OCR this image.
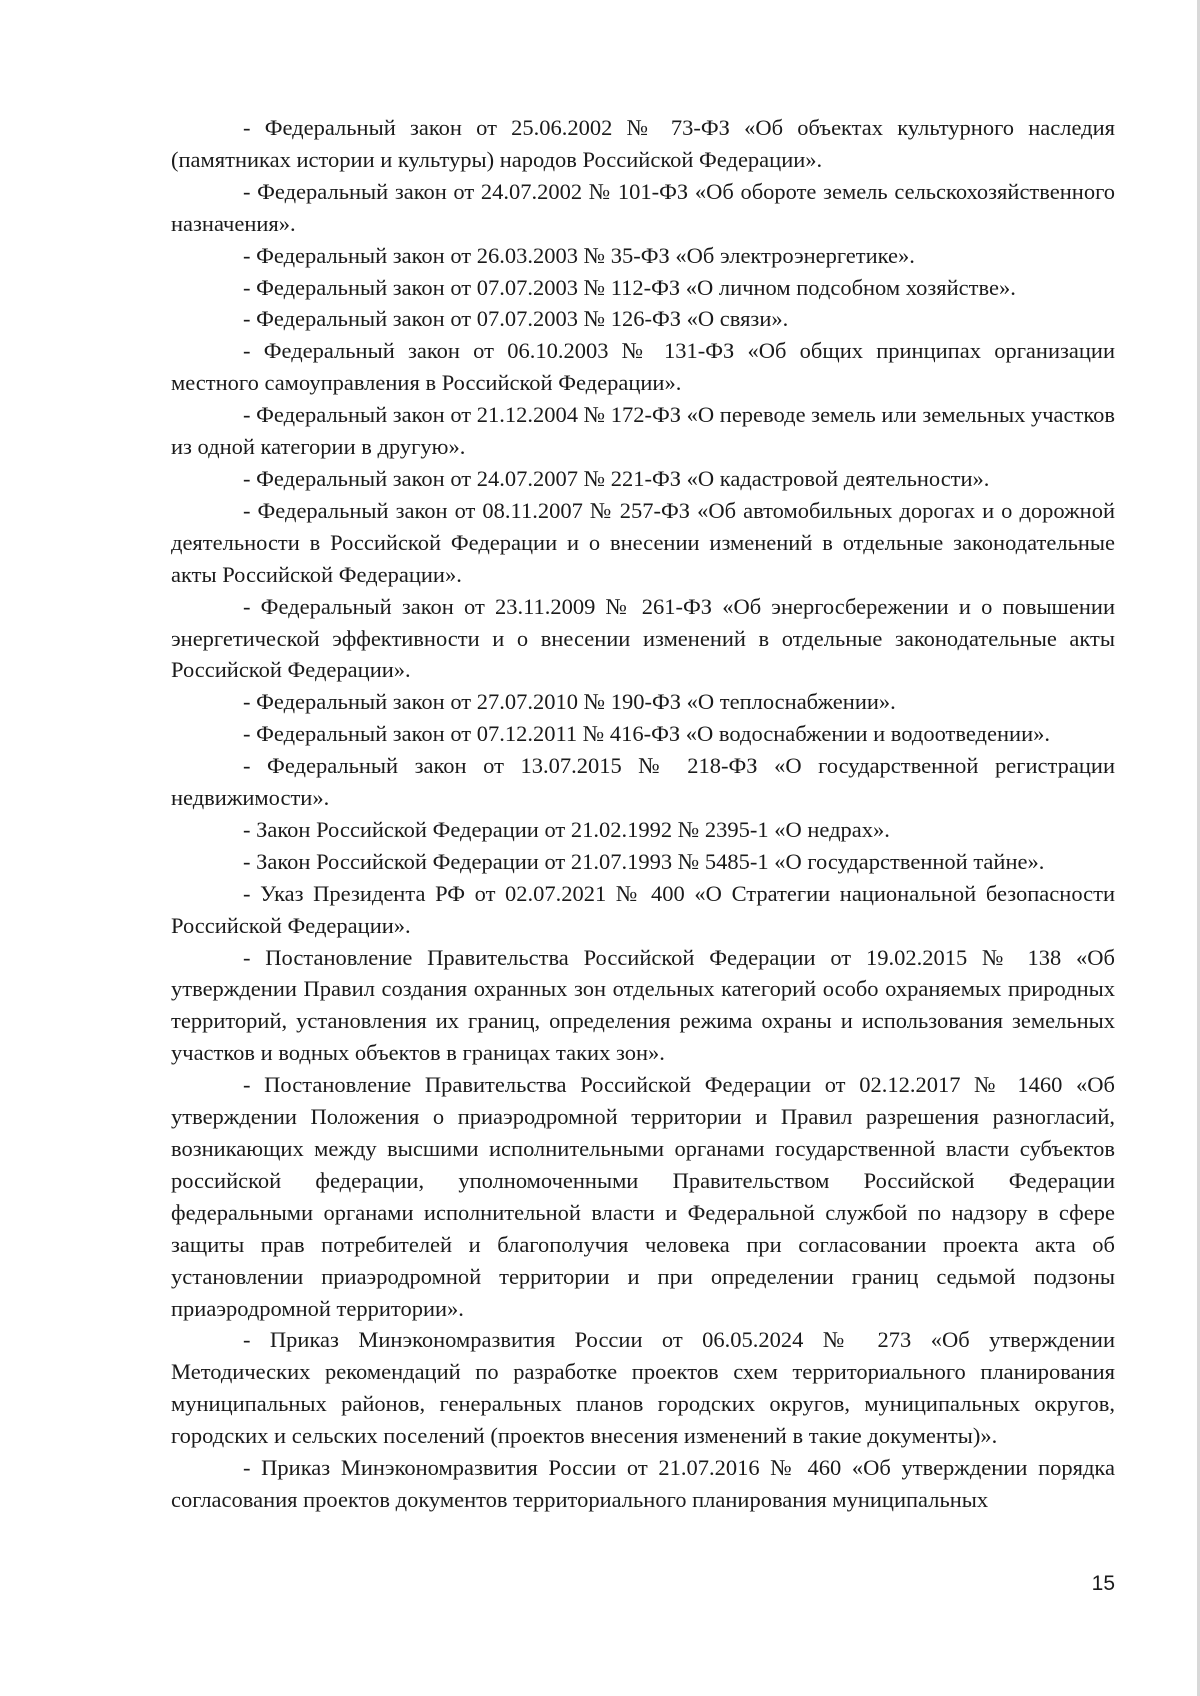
- Федеральный закон от 25.06.2002 № 73-ФЗ «Об объектах культурного наследия (памятниках истории и культуры) народов Российской Федерации».

- Федеральный закон от 24.07.2002 № 101-ФЗ «Об обороте земель сельскохозяйственного назначения».

- Федеральный закон от 26.03.2003 № 35-ФЗ «Об электроэнергетике».

- Федеральный закон от 07.07.2003 № 112-ФЗ «О личном подсобном хозяйстве».

- Федеральный закон от 07.07.2003 № 126-ФЗ «О связи».

- Федеральный закон от 06.10.2003 № 131-ФЗ «Об общих принципах организации местного самоуправления в Российской Федерации».

- Федеральный закон от 21.12.2004 № 172-ФЗ «О переводе земель или земельных участков из одной категории в другую».

- Федеральный закон от 24.07.2007 № 221-ФЗ «О кадастровой деятельности».

- Федеральный закон от 08.11.2007 № 257-ФЗ «Об автомобильных дорогах и о дорожной деятельности в Российской Федерации и о внесении изменений в отдельные законодательные акты Российской Федерации».

- Федеральный закон от 23.11.2009 № 261-ФЗ «Об энергосбережении и о повышении энергетической эффективности и о внесении изменений в отдельные законодательные акты Российской Федерации».

- Федеральный закон от 27.07.2010 № 190-ФЗ «О теплоснабжении».

- Федеральный закон от 07.12.2011 № 416-ФЗ «О водоснабжении и водоотведении».

- Федеральный закон от 13.07.2015 № 218-ФЗ «О государственной регистрации недвижимости».

- Закон Российской Федерации от 21.02.1992 № 2395-1 «О недрах».

- Закон Российской Федерации от 21.07.1993 № 5485-1 «О государственной тайне».

- Указ Президента РФ от 02.07.2021 № 400 «О Стратегии национальной безопасности Российской Федерации».

- Постановление Правительства Российской Федерации от 19.02.2015 № 138 «Об утверждении Правил создания охранных зон отдельных категорий особо охраняемых природных территорий, установления их границ, определения режима охраны и использования земельных участков и водных объектов в границах таких зон».

- Постановление Правительства Российской Федерации от 02.12.2017 № 1460 «Об утверждении Положения о приаэродромной территории и Правил разрешения разногласий, возникающих между высшими исполнительными органами государственной власти субъектов российской федерации, уполномоченными Правительством Российской Федерации федеральными органами исполнительной власти и Федеральной службой по надзору в сфере защиты прав потребителей и благополучия человека при согласовании проекта акта об установлении приаэродромной территории и при определении границ седьмой подзоны приаэродромной территории».

- Приказ Минэкономразвития России от 06.05.2024 № 273 «Об утверждении Методических рекомендаций по разработке проектов схем территориального планирования муниципальных районов, генеральных планов городских округов, муниципальных округов, городских и сельских поселений (проектов внесения изменений в такие документы)».

- Приказ Минэкономразвития России от 21.07.2016 № 460 «Об утверждении порядка согласования проектов документов территориального планирования муниципальных

15
